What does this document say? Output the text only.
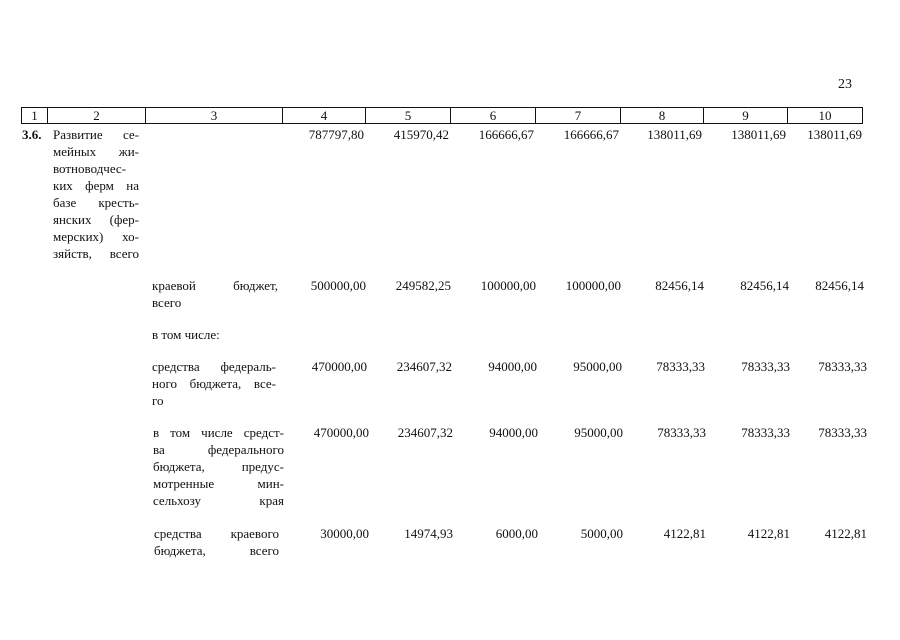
23
1	2	3	4	5	6	7	8	9	10
3.6. Развитие се-
мейных жи-
вотноводчес-
ких ферм на
базе кресть-
янских (фер-
мерских) хо-
зяйств, всего
787797,80	415970,42	166666,67	166666,67	138011,69	138011,69	138011,69
краевой бюджет,
всего
500000,00	249582,25	100000,00	100000,00	82456,14	82456,14	82456,14
в том числе:
средства федераль-
ного бюджета, все-
го
470000,00	234607,32	94000,00	95000,00	78333,33	78333,33	78333,33
в том числе средст-
ва федерального
бюджета, предус-
мотренные мин-
сельхозу края
470000,00	234607,32	94000,00	95000,00	78333,33	78333,33	78333,33
средства краевого
бюджета, всего
30000,00	14974,93	6000,00	5000,00	4122,81	4122,81	4122,81
